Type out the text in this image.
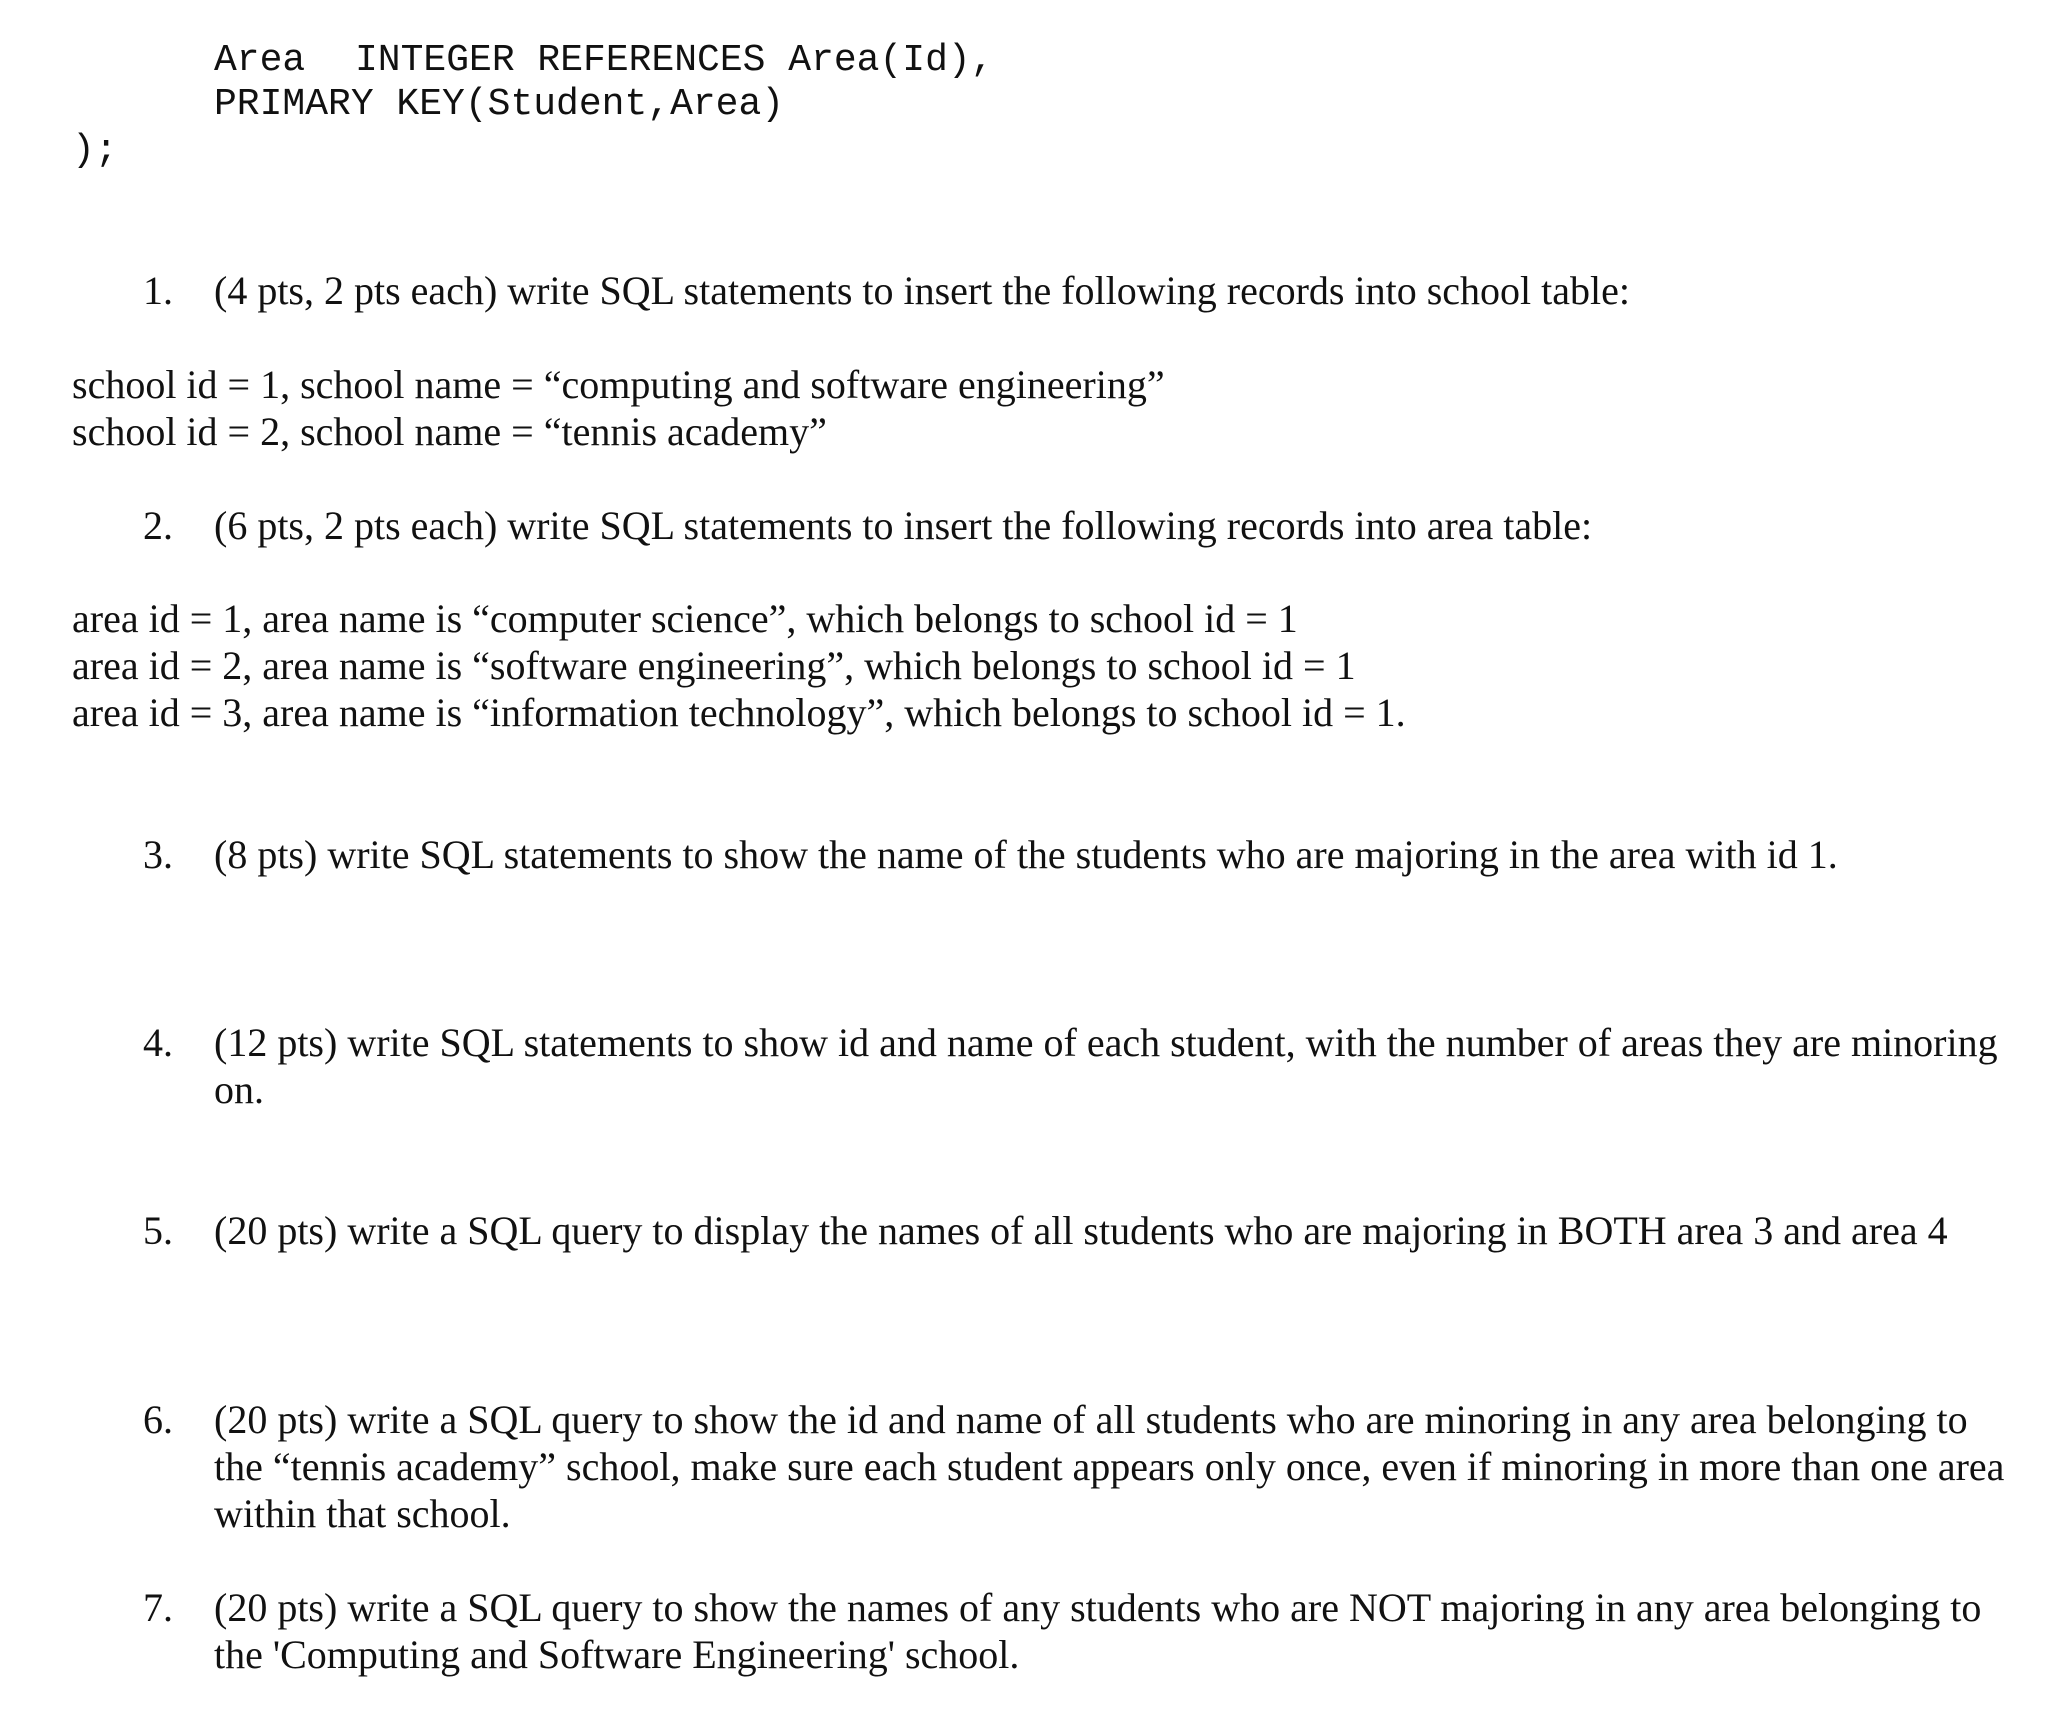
Area INTEGER REFERENCES Area(Id),
PRIMARY KEY(Student,Area)
);
1. (4 pts, 2 pts each) write SQL statements to insert the following records into school table:
school id = 1, school name = “computing and software engineering”
school id = 2, school name = “tennis academy”
2. (6 pts, 2 pts each) write SQL statements to insert the following records into area table:
area id = 1, area name is “computer science”, which belongs to school id = 1
area id = 2, area name is “software engineering”, which belongs to school id = 1
area id = 3, area name is “information technology”, which belongs to school id = 1.
3. (8 pts) write SQL statements to show the name of the students who are majoring in the area with id 1.
4. (12 pts) write SQL statements to show id and name of each student, with the number of areas they are minoring on.
5. (20 pts) write a SQL query to display the names of all students who are majoring in BOTH area 3 and area 4
6. (20 pts) write a SQL query to show the id and name of all students who are minoring in any area belonging to the “tennis academy” school, make sure each student appears only once, even if minoring in more than one area within that school.
7. (20 pts) write a SQL query to show the names of any students who are NOT majoring in any area belonging to the 'Computing and Software Engineering' school.
